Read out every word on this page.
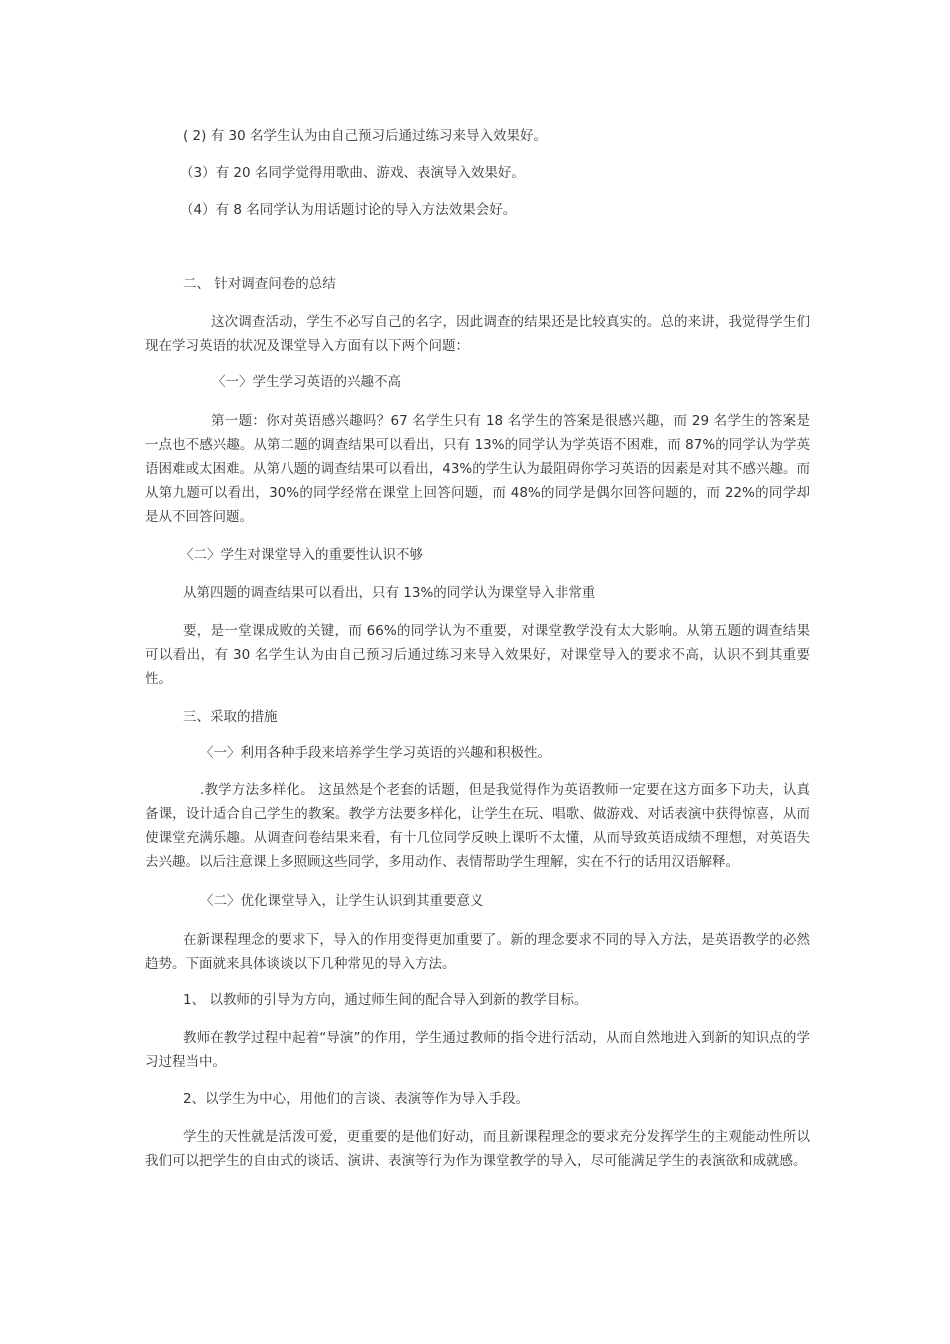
( 2) 有 30 名学生认为由自己预习后通过练习来导入效果好。

（3）有 20 名同学觉得用歌曲、游戏、表演导入效果好。

（4）有 8 名同学认为用话题讨论的导入方法效果会好。

二、 针对调查问卷的总结

这次调查活动，学生不必写自己的名字，因此调查的结果还是比较真实的。总的来讲，我觉得学生们现在学习英语的状况及课堂导入方面有以下两个问题：

〈一〉学生学习英语的兴趣不高

第一题：你对英语感兴趣吗？67 名学生只有 18 名学生的答案是很感兴趣，而 29 名学生的答案是一点也不感兴趣。从第二题的调查结果可以看出，只有 13%的同学认为学英语不困难，而 87%的同学认为学英语困难或太困难。从第八题的调查结果可以看出，43%的学生认为最阻碍你学习英语的因素是对其不感兴趣。而从第九题可以看出，30%的同学经常在课堂上回答问题，而 48%的同学是偶尔回答问题的，而 22%的同学却是从不回答问题。

〈二〉学生对课堂导入的重要性认识不够

从第四题的调查结果可以看出，只有 13%的同学认为课堂导入非常重

要，是一堂课成败的关键，而 66%的同学认为不重要，对课堂教学没有太大影响。从第五题的调查结果可以看出，有 30 名学生认为由自己预习后通过练习来导入效果好，对课堂导入的要求不高，认识不到其重要性。

三、采取的措施

〈一〉利用各种手段来培养学生学习英语的兴趣和积极性。

.教学方法多样化。 这虽然是个老套的话题，但是我觉得作为英语教师一定要在这方面多下功夫，认真备课，设计适合自己学生的教案。教学方法要多样化，让学生在玩、唱歌、做游戏、对话表演中获得惊喜，从而使课堂充满乐趣。从调查问卷结果来看，有十几位同学反映上课听不太懂，从而导致英语成绩不理想，对英语失去兴趣。以后注意课上多照顾这些同学，多用动作、表情帮助学生理解，实在不行的话用汉语解释。

〈二〉优化课堂导入，让学生认识到其重要意义

在新课程理念的要求下，导入的作用变得更加重要了。新的理念要求不同的导入方法，是英语教学的必然趋势。下面就来具体谈谈以下几种常见的导入方法。

1、 以教师的引导为方向，通过师生间的配合导入到新的教学目标。

教师在教学过程中起着“导演”的作用，学生通过教师的指令进行活动，从而自然地进入到新的知识点的学习过程当中。

2、以学生为中心，用他们的言谈、表演等作为导入手段。

学生的天性就是活泼可爱，更重要的是他们好动，而且新课程理念的要求充分发挥学生的主观能动性所以我们可以把学生的自由式的谈话、演讲、表演等行为作为课堂教学的导入，尽可能满足学生的表演欲和成就感。
